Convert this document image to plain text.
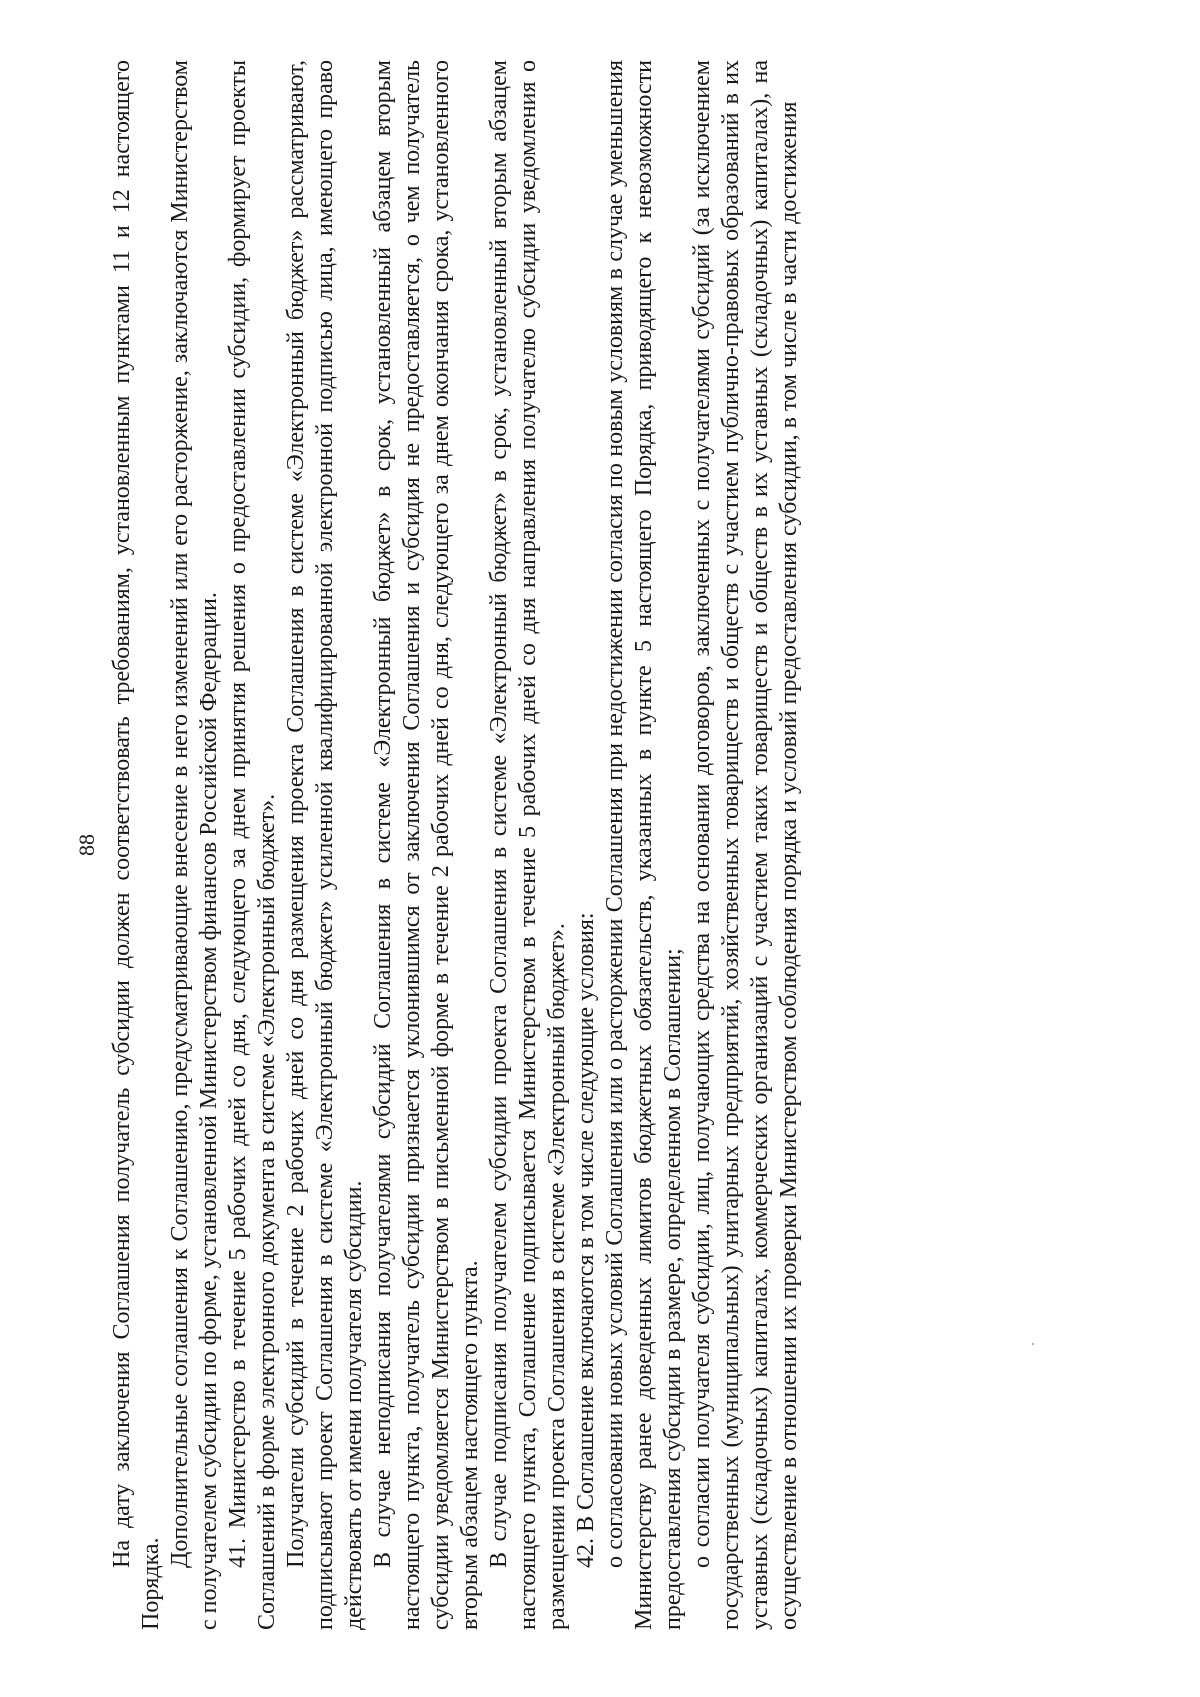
88 На дату заключения Соглашения получатель субсидии должен соответствовать требованиям, установленным пунктами 11 и 12 настоящего Порядка.

Дополнительные соглашения к Соглашению, предусматривающие внесение в него изменений или его расторжение, заключаются Министерством с получателем субсидии по форме, установленной Министерством финансов Российской Федерации. 41. Министерство в течение 5 рабочих дней со дня, следующего за днем принятия решения о предоставлении субсидии, формирует проекты Соглашений в форме электронного документа в системе «Электронный бюджет». Получатели субсидий в течение 2 рабочих дней со дня размещения проекта Соглашения в системе «Электронный бюджет» рассматривают, подписывают проект Соглашения в системе «Электронный бюджет» усиленной квалифицированной электронной подписью лица, имеющего право действовать от имени получателя субсидии. В случае неподписания получателями субсидий Соглашения в системе «Электронный бюджет» в срок, установленный абзацем вторым настоящего пункта, получатель субсидии признается уклонившимся от заключения Соглашения и субсидия не предоставляется, о чем получатель субсидии уведомляется Министерством в письменной форме в течение 2 рабочих дней со дня, следующего за днем окончания срока, установленного вторым абзацем настоящего пункта. В случае подписания получателем субсидии проекта Соглашения в системе «Электронный бюджет» в срок, установленный вторым абзацем настоящего пункта, Соглашение подписывается Министерством в течение 5 рабочих дней со дня направления получателю субсидии уведомления о размещении проекта Соглашения в системе «Электронный бюджет». 42. В Соглашение включаются в том числе следующие условия: о согласовании новых условий Соглашения или о расторжении Соглашения при недостижении согласия по новым условиям в случае уменьшения Министерству ранее доведенных лимитов бюджетных обязательств, указанных в пункте 5 настоящего Порядка, приводящего к невозможности предоставления субсидии в размере, определенном в Соглашении; о согласии получателя субсидии, лиц, получающих средства на основании договоров, заключенных с получателями субсидий (за исключением государственных (муниципальных) унитарных предприятий, хозяйственных товариществ и обществ с участием публично-правовых образований в их уставных (складочных) капиталах, коммерческих организаций с участием таких товариществ и обществ в их уставных (складочных) капиталах), на осуществление в отношении их проверки Министерством соблюдения порядка и условий предоставления субсидии, в том числе в части достижения
